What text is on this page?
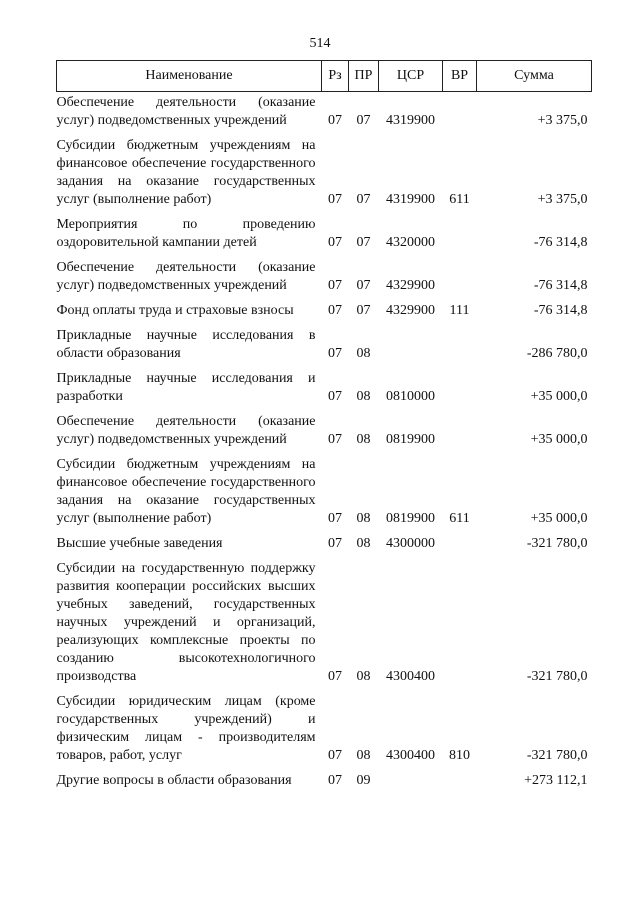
514
Наименование	Рз	ПР	ЦСР	ВР	Сумма
Обеспечение деятельности (оказание услуг) подведомственных учреждений	07	07	4319900		+3 375,0
Субсидии бюджетным учреждениям на финансовое обеспечение государственного задания на оказание государственных услуг (выполнение работ)	07	07	4319900	611	+3 375,0
Мероприятия по проведению оздоровительной кампании детей	07	07	4320000		-76 314,8
Обеспечение деятельности (оказание услуг) подведомственных учреждений	07	07	4329900		-76 314,8
Фонд оплаты труда и страховые взносы	07	07	4329900	111	-76 314,8
Прикладные научные исследования в области образования	07	08			-286 780,0
Прикладные научные исследования и разработки	07	08	0810000		+35 000,0
Обеспечение деятельности (оказание услуг) подведомственных учреждений	07	08	0819900		+35 000,0
Субсидии бюджетным учреждениям на финансовое обеспечение государственного задания на оказание государственных услуг (выполнение работ)	07	08	0819900	611	+35 000,0
Высшие учебные заведения	07	08	4300000		-321 780,0
Субсидии на государственную поддержку развития кооперации российских высших учебных заведений, государственных научных учреждений и организаций, реализующих комплексные проекты по созданию высокотехнологичного производства	07	08	4300400		-321 780,0
Субсидии юридическим лицам (кроме государственных учреждений) и физическим лицам - производителям товаров, работ, услуг	07	08	4300400	810	-321 780,0
Другие вопросы в области образования	07	09			+273 112,1
